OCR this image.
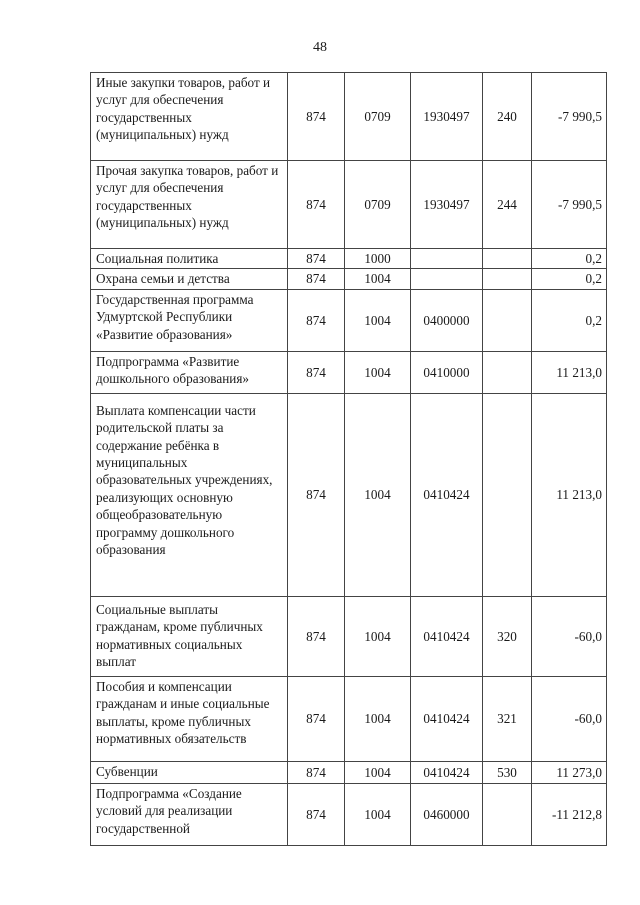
48
Иные закупки товаров, работ и услуг для обеспечения государственных (муниципальных) нужд	874	0709	1930497	240	-7 990,5
Прочая закупка товаров, работ и услуг для обеспечения государственных (муниципальных) нужд	874	0709	1930497	244	-7 990,5
Социальная политика	874	1000			0,2
Охрана семьи и детства	874	1004			0,2
Государственная программа Удмуртской Республики «Развитие образования»	874	1004	0400000		0,2
Подпрограмма «Развитие дошкольного образования»	874	1004	0410000		11 213,0
Выплата компенсации части родительской платы за содержание ребёнка в муниципальных образовательных учреждениях, реализующих основную общеобразовательную программу дошкольного образования	874	1004	0410424		11 213,0
Социальные выплаты гражданам, кроме публичных нормативных социальных выплат	874	1004	0410424	320	-60,0
Пособия и компенсации гражданам и иные социальные выплаты, кроме публичных нормативных обязательств	874	1004	0410424	321	-60,0
Субвенции	874	1004	0410424	530	11 273,0
Подпрограмма «Создание условий для реализации государственной	874	1004	0460000		-11 212,8
